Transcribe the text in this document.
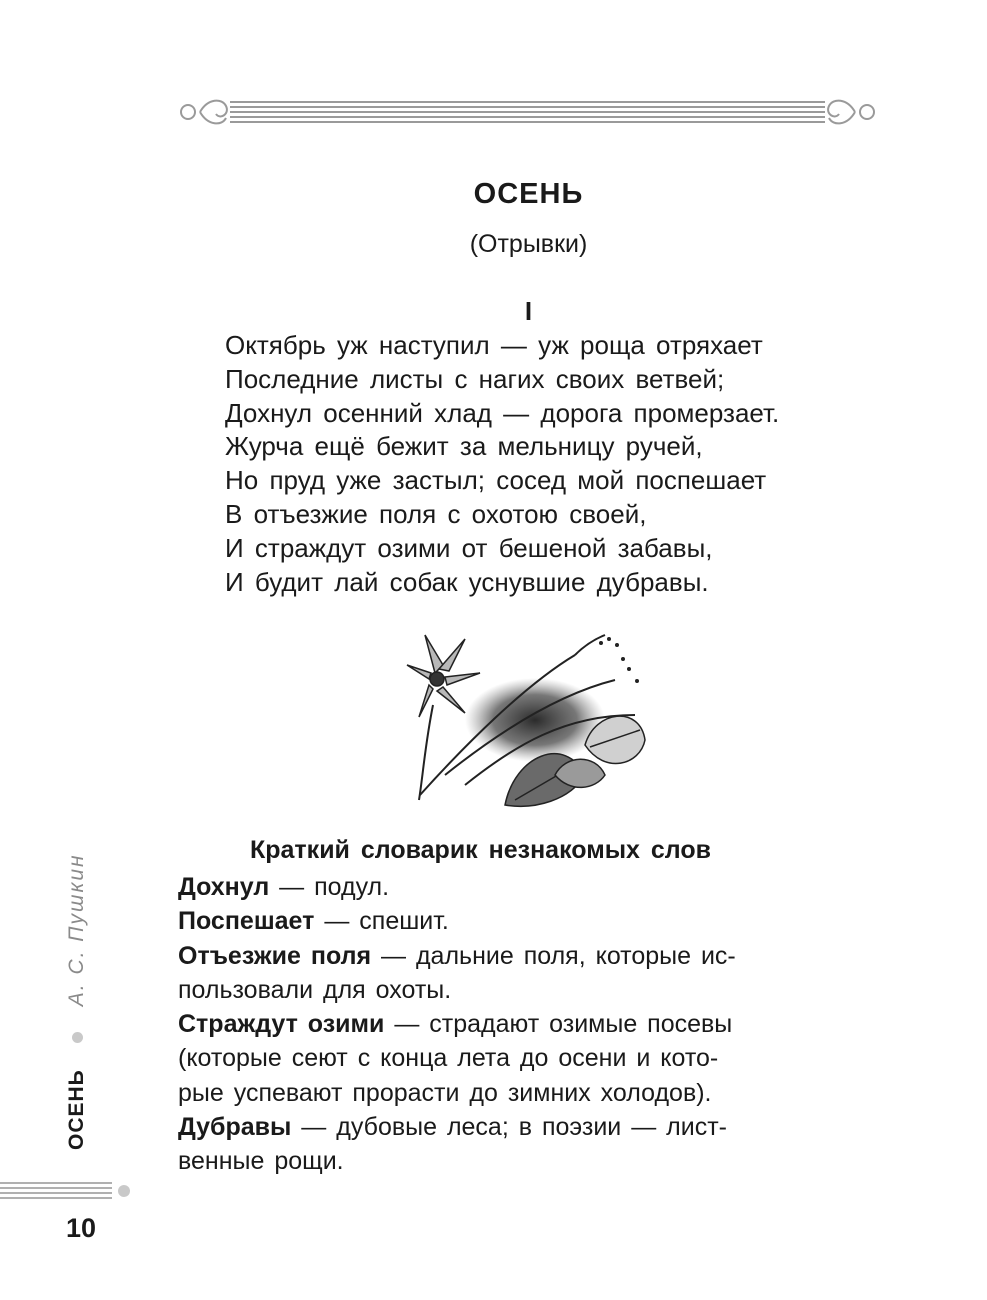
ОСЕНЬ
(Отрывки)
I
Октябрь уж наступил — уж роща отряхает
Последние листы с нагих своих ветвей;
Дохнул осенний хлад — дорога промерзает.
Журча ещё бежит за мельницу ручей,
Но пруд уже застыл; сосед мой поспешает
В отъезжие поля с охотою своей,
И страждут озими от бешеной забавы,
И будит лай собак уснувшие дубравы.
Краткий словарик незнакомых слов
Дохнул — подул.
Поспешает — спешит.
Отъезжие поля — дальние поля, которые ис-
пользовали для охоты.
Страждут озими — страдают озимые посевы
(которые сеют с конца лета до осени и кото-
рые успевают прорасти до зимних холодов).
Дубравы — дубовые леса; в поэзии — лист-
венные рощи.
ОСЕНЬ
А. С. Пушкин
10
